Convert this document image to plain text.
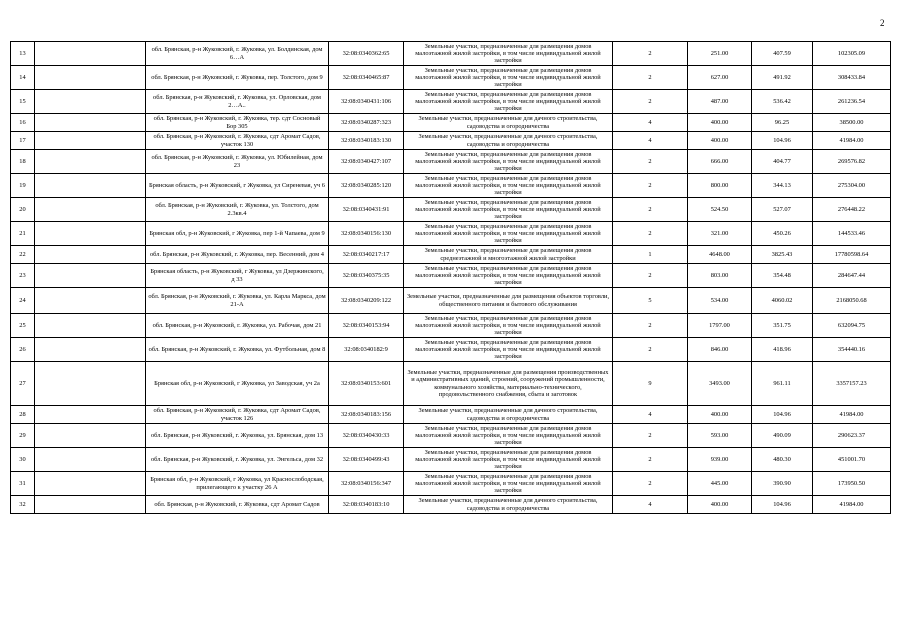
2
13		обл. Брянская, р-н Жуковский, г. Жуковка, ул. Болдинская, дом 6…А	32:08:0340362:65	Земельные участки, предназначенные для размещения домов малоэтажной жилой застройки, в том числе индивидуальной жилой застройки	2	251.00	407.59	102305.09
14		обл. Брянская, р-н Жуковский, г. Жуковка, пер. Толстого, дом 9	32:08:0340465:87	Земельные участки, предназначенные для размещения домов малоэтажной жилой застройки, в том числе индивидуальной жилой застройки	2	627.00	491.92	308433.84
15		обл. Брянская, р-н Жуковский, г. Жуковка, ул. Орловская, дом 2…А..	32:08:0340431:106	Земельные участки, предназначенные для размещения домов малоэтажной жилой застройки, в том числе индивидуальной жилой застройки	2	487.00	536.42	261236.54
16		обл. Брянская, р-н Жуковский, г. Жуковка, тер. сдт Сосновый Бор 305	32:08:0340287:323	Земельные участки, предназначенные для дачного строительства, садоводства и огородничества	4	400.00	96.25	38500.00
17		обл. Брянская, р-н Жуковский, г. Жуковка, сдт Аромат Садов, участок 130	32:08:0340183:130	Земельные участки, предназначенные для дачного строительства, садоводства и огородничества	4	400.00	104.96	41984.00
18		обл. Брянская, р-н Жуковский, г. Жуковка, ул. Юбилейная, дом 23	32:08:0340427:107	Земельные участки, предназначенные для размещения домов малоэтажной жилой застройки, в том числе индивидуальной жилой застройки	2	666.00	404.77	269576.82
19		Брянская область, р-н Жуковский, г Жуковка, ул Сиреневая, уч 6	32:08:0340285:120	Земельные участки, предназначенные для размещения домов малоэтажной жилой застройки, в том числе индивидуальной жилой застройки	2	800.00	344.13	275304.00
20		обл. Брянская, р-н Жуковский, г. Жуковка, ул. Толстого, дом 2.3кв.4	32:08:0340431:91	Земельные участки, предназначенные для размещения домов малоэтажной жилой застройки, в том числе индивидуальной жилой застройки	2	524.50	527.07	276448.22
21		Брянская обл, р-н Жуковский, г Жуковка, пер 1-й Чапаева, дом 9	32:08:0340156:130	Земельные участки, предназначенные для размещения домов малоэтажной жилой застройки, в том числе индивидуальной жилой застройки	2	321.00	450.26	144533.46
22		обл. Брянская, р-н Жуковский, г. Жуковка, пер. Весенний, дом 4	32:08:0340217:17	Земельные участки, предназначенные для размещения домов среднеэтажной и многоэтажной жилой застройки	1	4648.00	3825.43	17780598.64
23		Брянская область, р-н Жуковский, г Жуковка, ул Дзержинского, д 33	32:08:0340375:35	Земельные участки, предназначенные для размещения домов малоэтажной жилой застройки, в том числе индивидуальной жилой застройки	2	803.00	354.48	284647.44
24		обл. Брянская, р-н Жуковский, г. Жуковка, ул. Карла Маркса, дом 21-А	32:08:0340209:122	Земельные участки, предназначенные для размещения объектов торговли, общественного питания и бытового обслуживания	5	534.00	4060.02	2168050.68
25		обл. Брянская, р-н Жуковский, г. Жуковка, ул. Рабочая, дом 21	32:08:0340153:94	Земельные участки, предназначенные для размещения домов малоэтажной жилой застройки, в том числе индивидуальной жилой застройки	2	1797.00	351.75	632094.75
26		обл. Брянская, р-н Жуковский, г. Жуковка, ул. Футбольная, дом 8	32:08:0340182:9	Земельные участки, предназначенные для размещения домов малоэтажной жилой застройки, в том числе индивидуальной жилой застройки	2	846.00	418.96	354440.16
27		Брянская обл, р-н Жуковский, г Жуковка, ул Заводская, уч 2а	32:08:0340153:601	Земельные участки, предназначенные для размещения производственных и административных зданий, строений, сооружений промышленности, коммунального хозяйства, материально-технического, продовольственного снабжения, сбыта и заготовок	9	3493.00	961.11	3357157.23
28		обл. Брянская, р-н Жуковский, г. Жуковка, сдт Аромат Садов, участок 126	32:08:0340183:156	Земельные участки, предназначенные для дачного строительства, садоводства и огородничества	4	400.00	104.96	41984.00
29		обл. Брянская, р-н Жуковский, г. Жуковка, ул. Брянская, дом 13	32:08:0340430:33	Земельные участки, предназначенные для размещения домов малоэтажной жилой застройки, в том числе индивидуальной жилой застройки	2	593.00	490.09	290623.37
30		обл. Брянская, р-н Жуковский, г. Жуковка, ул. Энгельса, дом 32	32:08:0340499:43	Земельные участки, предназначенные для размещения домов малоэтажной жилой застройки, в том числе индивидуальной жилой застройки	2	939.00	480.30	451001.70
31		Брянская обл, р-н Жуковский, г Жуковка, ул Краснослободская, прилегающего к участку 26 А	32:08:0340156:347	Земельные участки, предназначенные для размещения домов малоэтажной жилой застройки, в том числе индивидуальной жилой застройки	2	445.00	390.90	173950.50
32		обл. Брянская, р-н Жуковский, г. Жуковка, сдт Аромат Садов	32:08:0340183:10	Земельные участки, предназначенные для дачного строительства, садоводства и огородничества	4	400.00	104.96	41984.00
